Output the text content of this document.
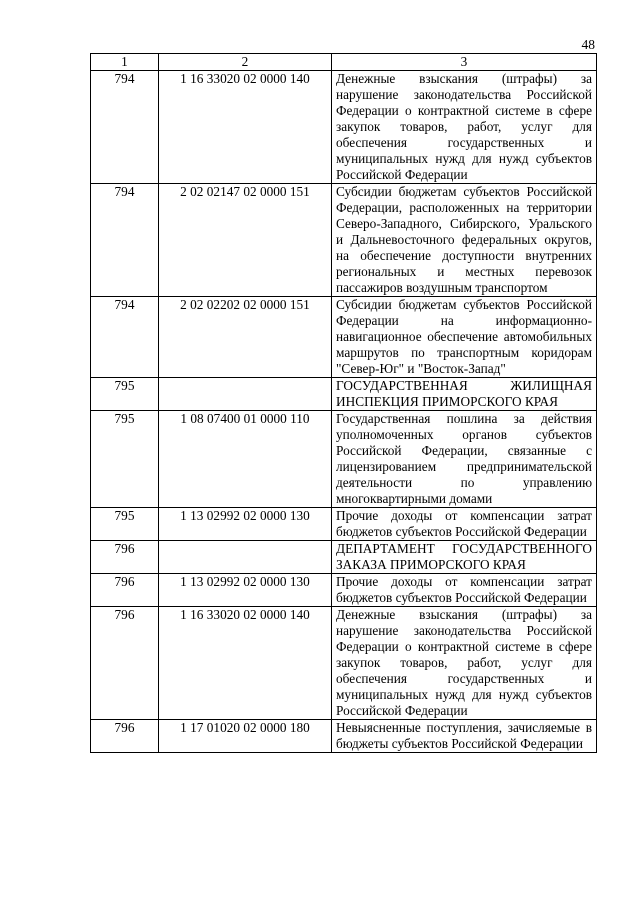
48
1	2	3
794	1 16 33020 02 0000 140	Денежные взыскания (штрафы) за нарушение законодательства Российской Федерации о контрактной системе в сфере закупок товаров, работ, услуг для обеспечения государственных и муниципальных нужд для нужд субъектов Российской Федерации
794	2 02 02147 02 0000 151	Субсидии бюджетам субъектов Российской Федерации, расположенных на территории Северо-Западного, Сибирского, Уральского и Дальневосточного федеральных округов, на обеспечение доступности внутренних региональных и местных перевозок пассажиров воздушным транспортом
794	2 02 02202 02 0000 151	Субсидии бюджетам субъектов Российской Федерации на информационно-навигационное обеспечение автомобильных маршрутов по транспортным коридорам "Север-Юг" и "Восток-Запад"
795		ГОСУДАРСТВЕННАЯ ЖИЛИЩНАЯ ИНСПЕКЦИЯ ПРИМОРСКОГО КРАЯ
795	1 08 07400 01 0000 110	Государственная пошлина за действия уполномоченных органов субъектов Российской Федерации, связанные с лицензированием предпринимательской деятельности по управлению многоквартирными домами
795	1 13 02992 02 0000 130	Прочие доходы от компенсации затрат бюджетов субъектов Российской Федерации
796		ДЕПАРТАМЕНТ ГОСУДАРСТВЕННОГО ЗАКАЗА ПРИМОРСКОГО КРАЯ
796	1 13 02992 02 0000 130	Прочие доходы от компенсации затрат бюджетов субъектов Российской Федерации
796	1 16 33020 02 0000 140	Денежные взыскания (штрафы) за нарушение законодательства Российской Федерации о контрактной системе в сфере закупок товаров, работ, услуг для обеспечения государственных и муниципальных нужд для нужд субъектов Российской Федерации
796	1 17 01020 02 0000 180	Невыясненные поступления, зачисляемые в бюджеты субъектов Российской Федерации
